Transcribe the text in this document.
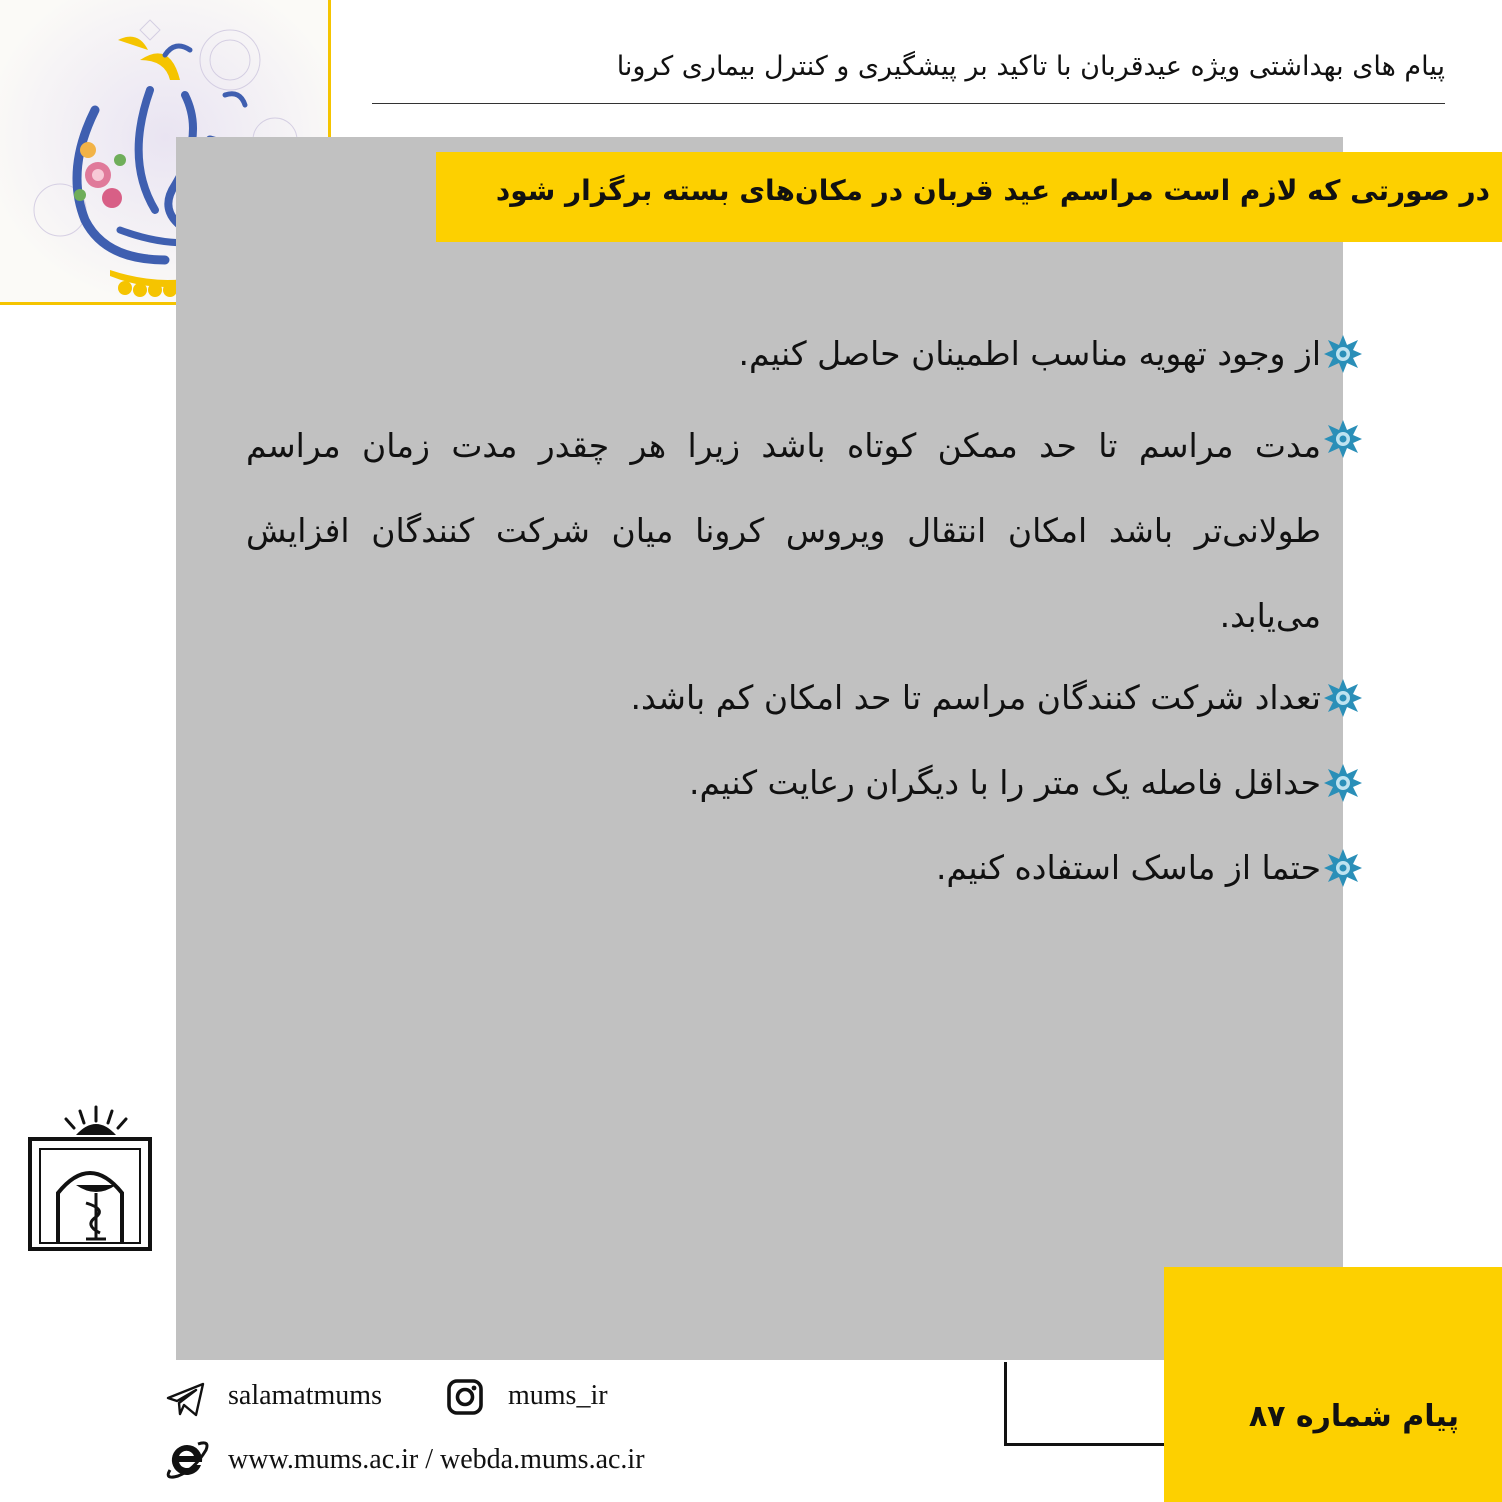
پیام های بهداشتی ویژه عیدقربان با تاکید بر پیشگیری و کنترل بیماری کرونا
در صورتی که لازم است مراسم عید قربان در مکان‌های بسته برگزار شود
از وجود تهویه مناسب اطمینان حاصل کنیم.
مدت مراسم تا حد ممکن کوتاه باشد زیرا هر چقدر مدت زمان مراسم طولانی‌تر باشد امکان انتقال ویروس کرونا میان شرکت کنندگان افزایش می‌یابد.
تعداد شرکت کنندگان مراسم تا حد امکان کم باشد.
حداقل فاصله یک متر را با دیگران رعایت کنیم.
حتما از ماسک استفاده کنیم.
پیام شماره ۸۷
salamatmums	mums_ir
www.mums.ac.ir / webda.mums.ac.ir
